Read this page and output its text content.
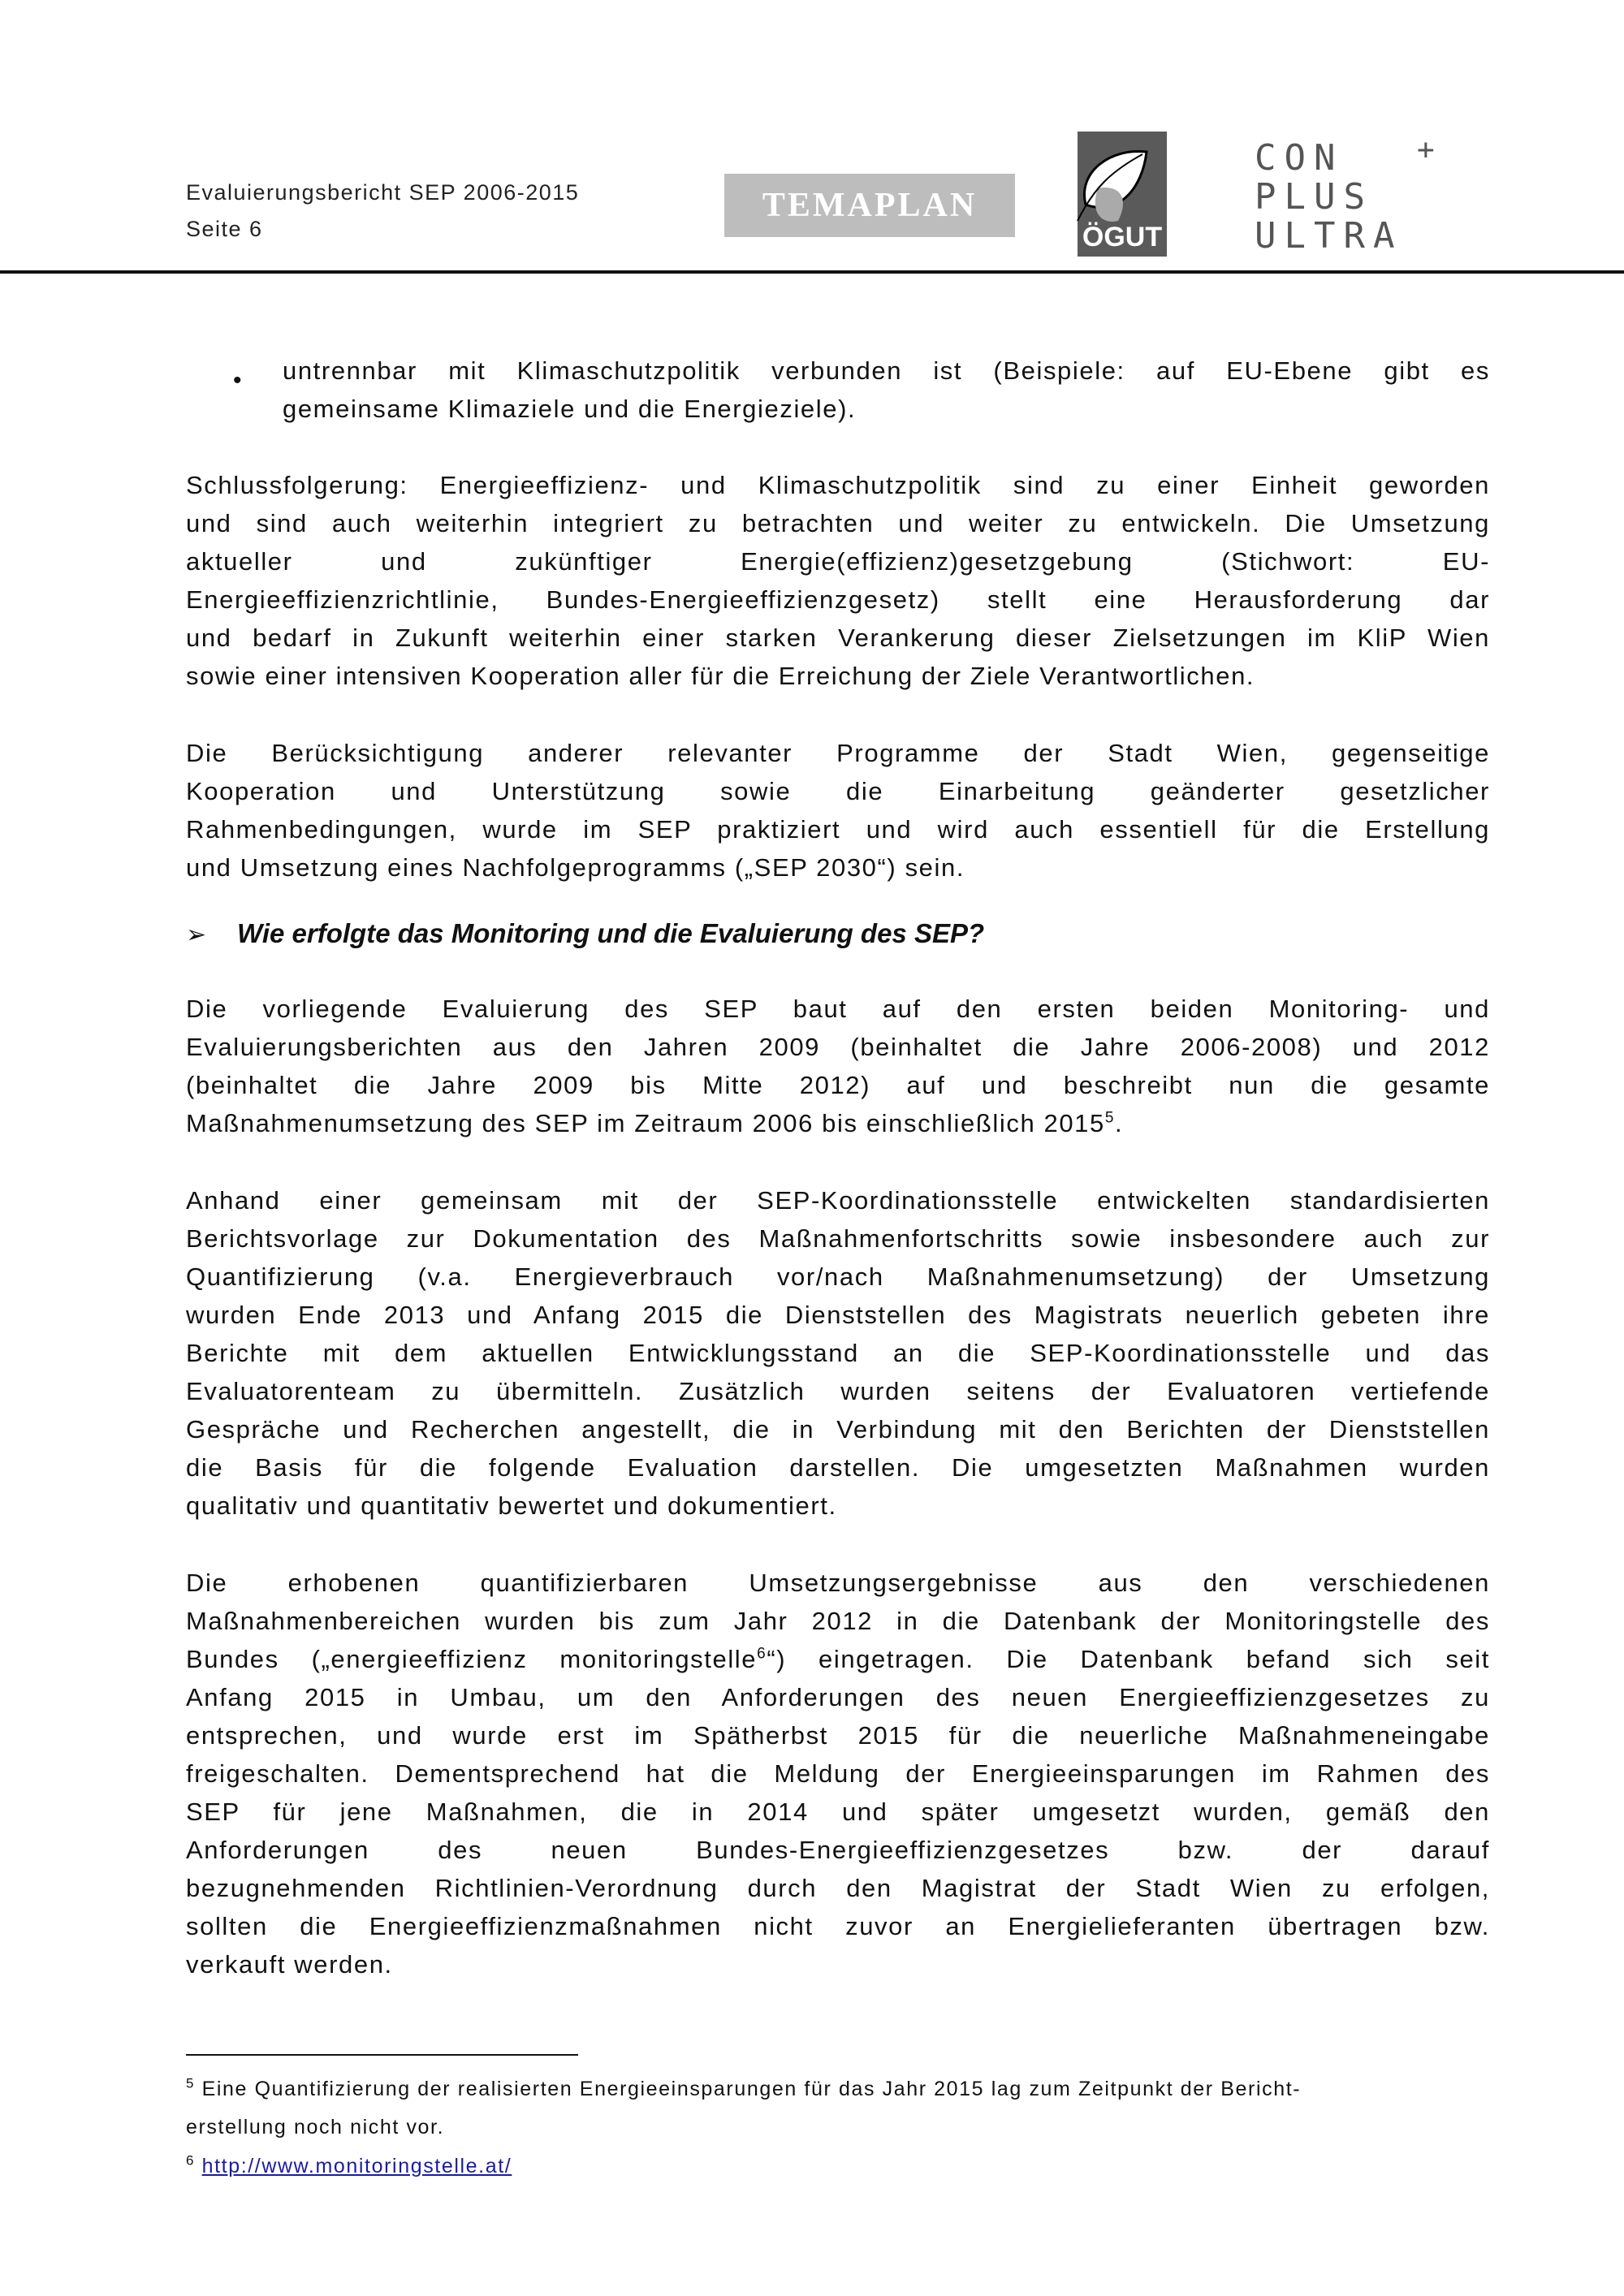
Evaluierungsbericht SEP 2006-2015
Seite 6
TEMAPLAN
ÖGUT
+
CON
PLUS
ULTRA
• untrennbar mit Klimaschutzpolitik verbunden ist (Beispiele: auf EU-Ebene gibt es
gemeinsame Klimaziele und die Energieziele).
Schlussfolgerung: Energieeffizienz- und Klimaschutzpolitik sind zu einer Einheit geworden
und sind auch weiterhin integriert zu betrachten und weiter zu entwickeln. Die Umsetzung
aktueller und zukünftiger Energie(effizienz)gesetzgebung (Stichwort: EU-
Energieeffizienzrichtlinie, Bundes-Energieeffizienzgesetz) stellt eine Herausforderung dar
und bedarf in Zukunft weiterhin einer starken Verankerung dieser Zielsetzungen im KliP Wien
sowie einer intensiven Kooperation aller für die Erreichung der Ziele Verantwortlichen.
Die Berücksichtigung anderer relevanter Programme der Stadt Wien, gegenseitige
Kooperation und Unterstützung sowie die Einarbeitung geänderter gesetzlicher
Rahmenbedingungen, wurde im SEP praktiziert und wird auch essentiell für die Erstellung
und Umsetzung eines Nachfolgeprogramms („SEP 2030“) sein.
➢ Wie erfolgte das Monitoring und die Evaluierung des SEP?
Die vorliegende Evaluierung des SEP baut auf den ersten beiden Monitoring- und
Evaluierungsberichten aus den Jahren 2009 (beinhaltet die Jahre 2006-2008) und 2012
(beinhaltet die Jahre 2009 bis Mitte 2012) auf und beschreibt nun die gesamte
Maßnahmenumsetzung des SEP im Zeitraum 2006 bis einschließlich 2015$^5$.
Anhand einer gemeinsam mit der SEP-Koordinationsstelle entwickelten standardisierten
Berichtsvorlage zur Dokumentation des Maßnahmenfortschritts sowie insbesondere auch zur
Quantifizierung (v.a. Energieverbrauch vor/nach Maßnahmenumsetzung) der Umsetzung
wurden Ende 2013 und Anfang 2015 die Dienststellen des Magistrats neuerlich gebeten ihre
Berichte mit dem aktuellen Entwicklungsstand an die SEP-Koordinationsstelle und das
Evaluatorenteam zu übermitteln. Zusätzlich wurden seitens der Evaluatoren vertiefende
Gespräche und Recherchen angestellt, die in Verbindung mit den Berichten der Dienststellen
die Basis für die folgende Evaluation darstellen. Die umgesetzten Maßnahmen wurden
qualitativ und quantitativ bewertet und dokumentiert.
Die erhobenen quantifizierbaren Umsetzungsergebnisse aus den verschiedenen
Maßnahmenbereichen wurden bis zum Jahr 2012 in die Datenbank der Monitoringstelle des
Bundes („energieeffizienz monitoringstelle$^6$“) eingetragen. Die Datenbank befand sich seit
Anfang 2015 in Umbau, um den Anforderungen des neuen Energieeffizienzgesetzes zu
entsprechen, und wurde erst im Spätherbst 2015 für die neuerliche Maßnahmeneingabe
freigeschalten. Dementsprechend hat die Meldung der Energieeinsparungen im Rahmen des
SEP für jene Maßnahmen, die in 2014 und später umgesetzt wurden, gemäß den
Anforderungen des neuen Bundes-Energieeffizienzgesetzes bzw. der darauf
bezugnehmenden Richtlinien-Verordnung durch den Magistrat der Stadt Wien zu erfolgen,
sollten die Energieeffizienzmaßnahmen nicht zuvor an Energielieferanten übertragen bzw.
verkauft werden.
$^5$ Eine Quantifizierung der realisierten Energieeinsparungen für das Jahr 2015 lag zum Zeitpunkt der Bericht-
erstellung noch nicht vor.
$^6$ http://www.monitoringstelle.at/
